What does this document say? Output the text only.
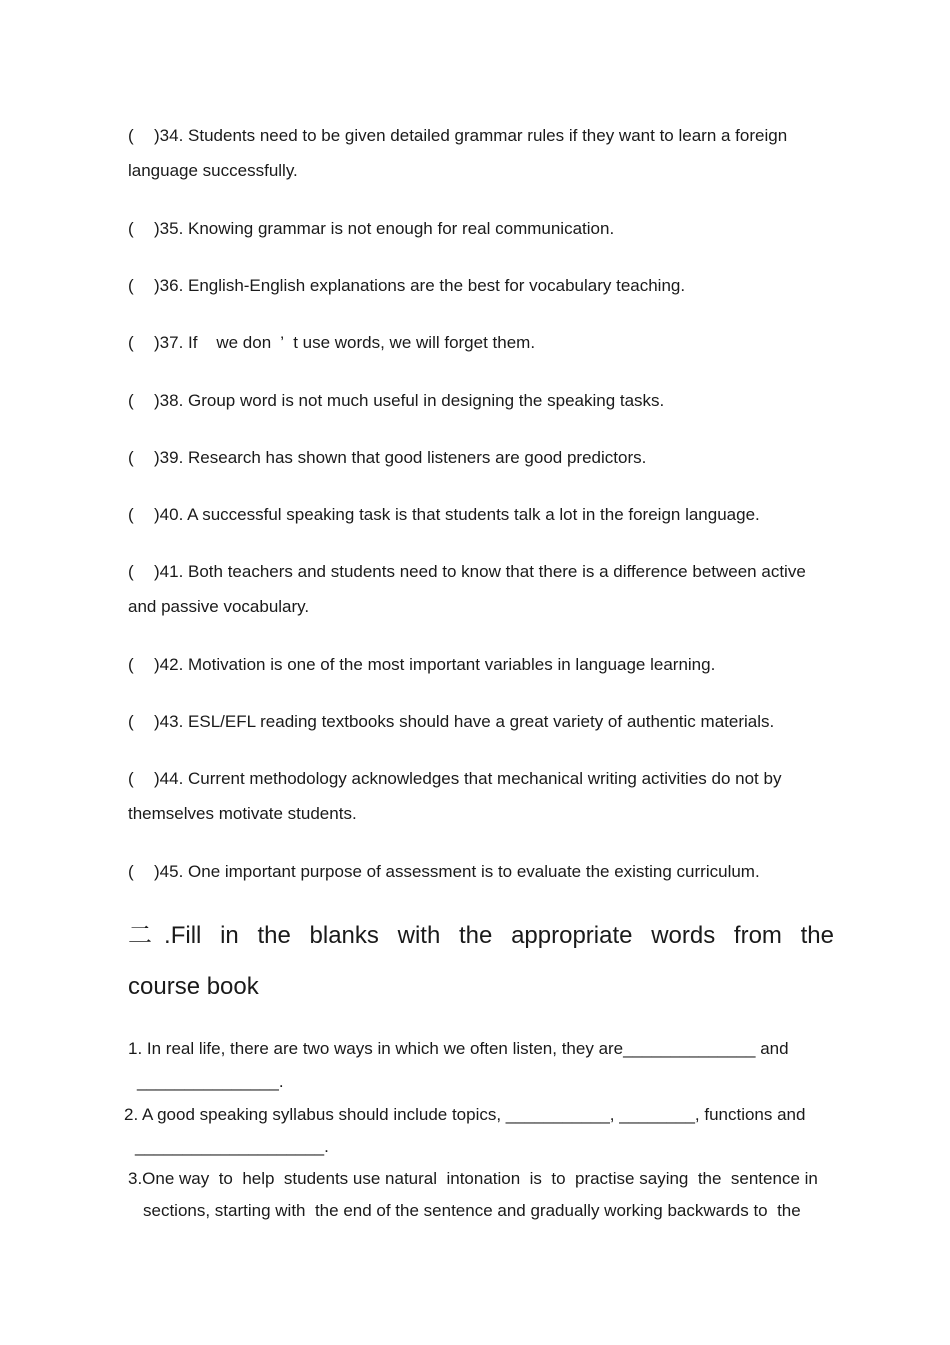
( )34. Students need to be given detailed grammar rules if they want to learn a foreign
language successfully.
( )35. Knowing grammar is not enough for real communication.
( )36. English-English explanations are the best for vocabulary teaching.
( )37. If    we don ’ t use words, we will forget them.
( )38. Group word is not much useful in designing the speaking tasks.
( )39. Research has shown that good listeners are good predictors.
( )40. A successful speaking task is that students talk a lot in the foreign language.
( )41. Both teachers and students need to know that there is a difference between active
and passive vocabulary.
( )42. Motivation is one of the most important variables in language learning.
( )43. ESL/EFL reading textbooks should have a great variety of authentic materials.
( )44. Current methodology acknowledges that mechanical writing activities do not by
themselves motivate students.
( )45. One important purpose of assessment is to evaluate the existing curriculum.
二.Fill in the blanks with the appropriate words from the
course book
1. In real life, there are two ways in which we often listen, they are______________ and
_______________.
2. A good speaking syllabus should include topics, ___________, ________, functions and
____________________.
3.One way  to  help  students use natural  intonation  is  to  practise saying  the  sentence in
sections, starting with  the end of the sentence and gradually working backwards to  the
